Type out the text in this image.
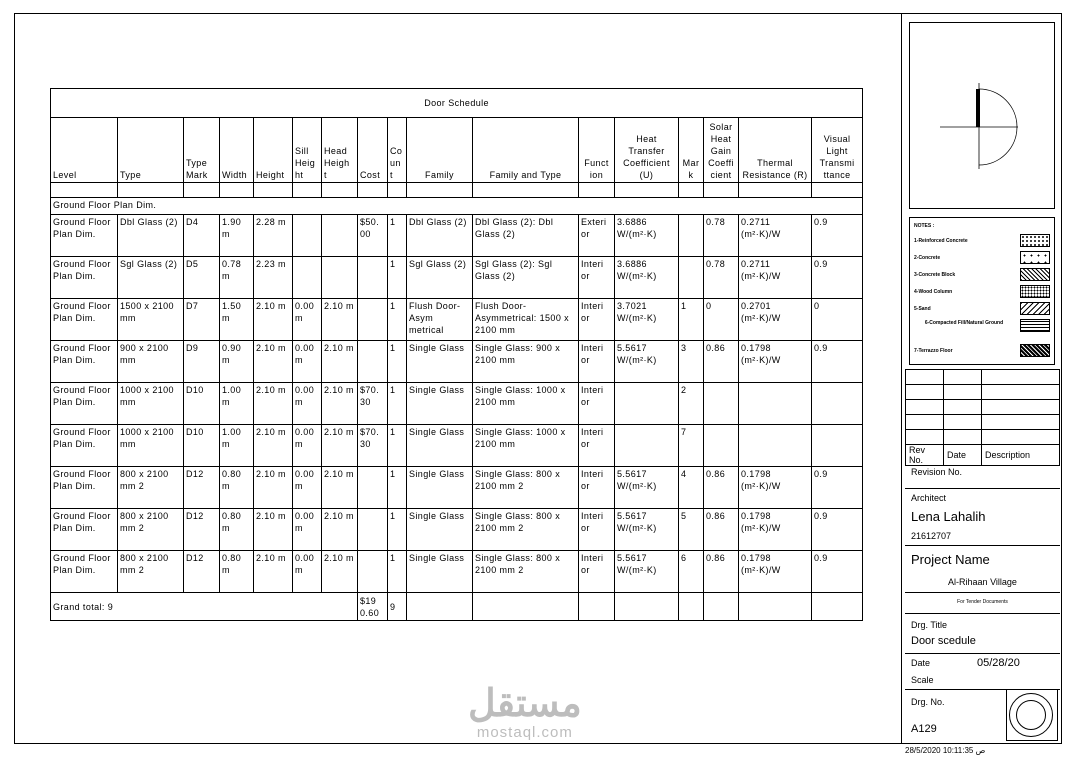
Door Schedule																
Level	Type	Type Mark	Width	Height	Sill Heig ht	Head Heigh t	Cost	Co un t	Family	Family and Type	Funct ion	Heat Transfer Coefficient (U)	Mar k	Solar Heat Gain Coeffi cient	Thermal Resistance (R)	Visual Light Transmi ttance

Ground Floor Plan Dim.																
Ground Floor Plan Dim.	Dbl Glass (2)	D4	1.90 m	2.28 m			$50. 00	1	Dbl Glass (2)	Dbl Glass (2): Dbl Glass (2)	Exteri or	3.6886 W/(m²·K)		0.78	0.2711 (m²·K)/W	0.9
Ground Floor Plan Dim.	Sgl Glass (2)	D5	0.78 m	2.23 m				1	Sgl Glass (2)	Sgl Glass (2): Sgl Glass (2)	Interi or	3.6886 W/(m²·K)		0.78	0.2711 (m²·K)/W	0.9
Ground Floor Plan Dim.	1500 x 2100 mm	D7	1.50 m	2.10 m	0.00 m	2.10 m		1	Flush Door-Asym metrical	Flush Door-Asymmetrical: 1500 x 2100 mm	Interi or	3.7021 W/(m²·K)	1	0	0.2701 (m²·K)/W	0
Ground Floor Plan Dim.	900 x 2100 mm	D9	0.90 m	2.10 m	0.00 m	2.10 m		1	Single Glass	Single Glass: 900 x 2100 mm	Interi or	5.5617 W/(m²·K)	3	0.86	0.1798 (m²·K)/W	0.9
Ground Floor Plan Dim.	1000 x 2100 mm	D10	1.00 m	2.10 m	0.00 m	2.10 m	$70. 30	1	Single Glass	Single Glass: 1000 x 2100 mm	Interi or		2			
Ground Floor Plan Dim.	1000 x 2100 mm	D10	1.00 m	2.10 m	0.00 m	2.10 m	$70. 30	1	Single Glass	Single Glass: 1000 x 2100 mm	Interi or		7			
Ground Floor Plan Dim.	800 x 2100 mm 2	D12	0.80 m	2.10 m	0.00 m	2.10 m		1	Single Glass	Single Glass: 800 x 2100 mm 2	Interi or	5.5617 W/(m²·K)	4	0.86	0.1798 (m²·K)/W	0.9
Ground Floor Plan Dim.	800 x 2100 mm 2	D12	0.80 m	2.10 m	0.00 m	2.10 m		1	Single Glass	Single Glass: 800 x 2100 mm 2	Interi or	5.5617 W/(m²·K)	5	0.86	0.1798 (m²·K)/W	0.9
Ground Floor Plan Dim.	800 x 2100 mm 2	D12	0.80 m	2.10 m	0.00 m	2.10 m		1	Single Glass	Single Glass: 800 x 2100 mm 2	Interi or	5.5617 W/(m²·K)	6	0.86	0.1798 (m²·K)/W	0.9
Grand total: 9							$19 0.60	9								
NOTES :
1-Reinforced Concrete
2-Concrete
3-Concrete Block
4-Wood Column
5-Sand
6-Compacted Fill/Natural Ground
7-Terrazzo Floor

Rev No.	Date	Description
Revision No.
Architect
Lena Lahalih
21612707
Project Name
Al-Rihaan Village
For Tender Documents
Drg. Title
Door scedule
Date	05/28/20
Scale
Drg. No.
A129
مستقل
mostaql.com
28/5/2020 10:11:35 ص
